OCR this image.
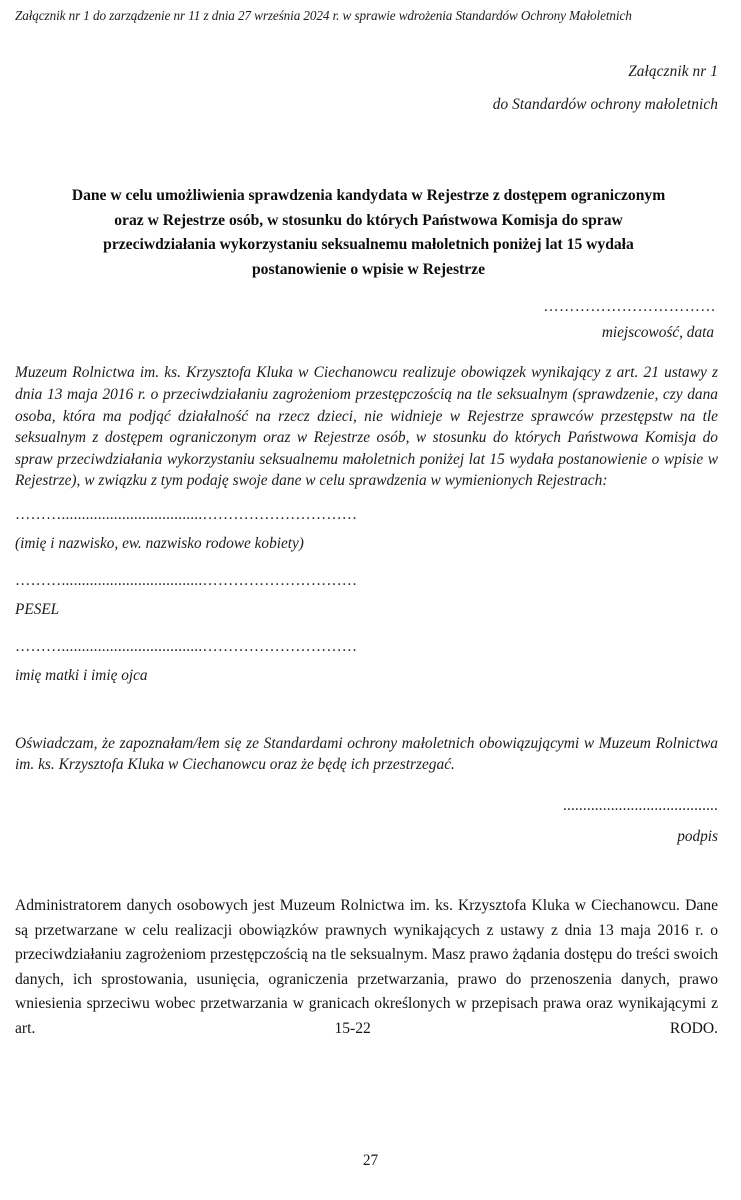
Załącznik nr 1 do zarządzenie nr 11 z dnia 27 września 2024 r. w sprawie wdrożenia Standardów Ochrony Małoletnich
Załącznik nr 1
do Standardów ochrony małoletnich
Dane w celu umożliwienia sprawdzenia kandydata w Rejestrze z dostępem ograniczonym
oraz w Rejestrze osób, w stosunku do których Państwowa Komisja do spraw
przeciwdziałania wykorzystaniu seksualnemu małoletnich poniżej lat 15 wydała
postanowienie o wpisie w Rejestrze
……………………………
miejscowość, data
Muzeum Rolnictwa im. ks. Krzysztofa Kluka w Ciechanowcu realizuje obowiązek wynikający z art. 21 ustawy z dnia 13 maja 2016 r. o przeciwdziałaniu zagrożeniom przestępczością na tle seksualnym (sprawdzenie, czy dana osoba, która ma podjąć działalność na rzecz dzieci, nie widnieje w Rejestrze sprawców przestępstw na tle seksualnym z dostępem ograniczonym oraz w Rejestrze osób, w stosunku do których Państwowa Komisja do spraw przeciwdziałania wykorzystaniu seksualnemu małoletnich poniżej lat 15 wydała postanowienie o wpisie w Rejestrze), w związku z tym podaję swoje dane w celu sprawdzenia w wymienionych Rejestrach:
………...................................…………………………
(imię i nazwisko, ew. nazwisko rodowe kobiety)
………...................................…………………………
PESEL
………...................................…………………………
imię matki i imię ojca
Oświadczam, że zapoznałam/łem się ze Standardami ochrony małoletnich obowiązującymi w Muzeum Rolnictwa im. ks. Krzysztofa Kluka w Ciechanowcu oraz że będę ich przestrzegać.
.......................................
podpis
Administratorem danych osobowych jest Muzeum Rolnictwa im. ks. Krzysztofa Kluka w Ciechanowcu. Dane są przetwarzane w celu realizacji obowiązków prawnych wynikających z ustawy z dnia 13 maja 2016 r. o przeciwdziałaniu zagrożeniom przestępczością na tle seksualnym. Masz prawo żądania dostępu do treści swoich danych, ich sprostowania, usunięcia, ograniczenia przetwarzania, prawo do przenoszenia danych, prawo wniesienia sprzeciwu wobec przetwarzania w granicach określonych w przepisach prawa oraz wynikającymi z art. 15-22 RODO.
27
